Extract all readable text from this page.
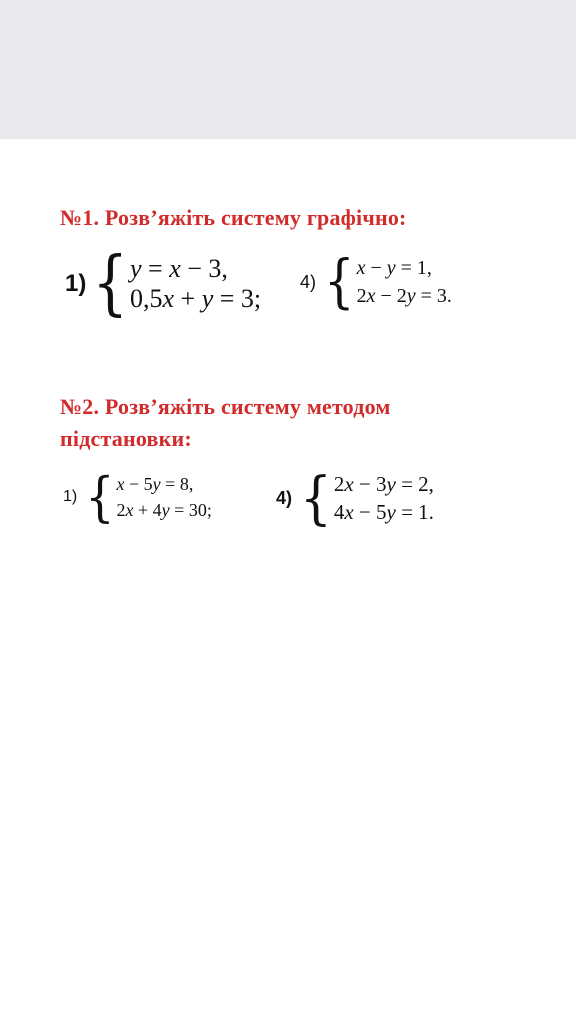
№1. Розв’яжіть систему графічно:
1) { y = x − 3,
0,5x + y = 3;
4) { x − y = 1,
2x − 2y = 3.
№2. Розв’яжіть систему методом підстановки:
1) { x − 5y = 8,
2x + 4y = 30;
4) { 2x − 3y = 2,
4x − 5y = 1.
